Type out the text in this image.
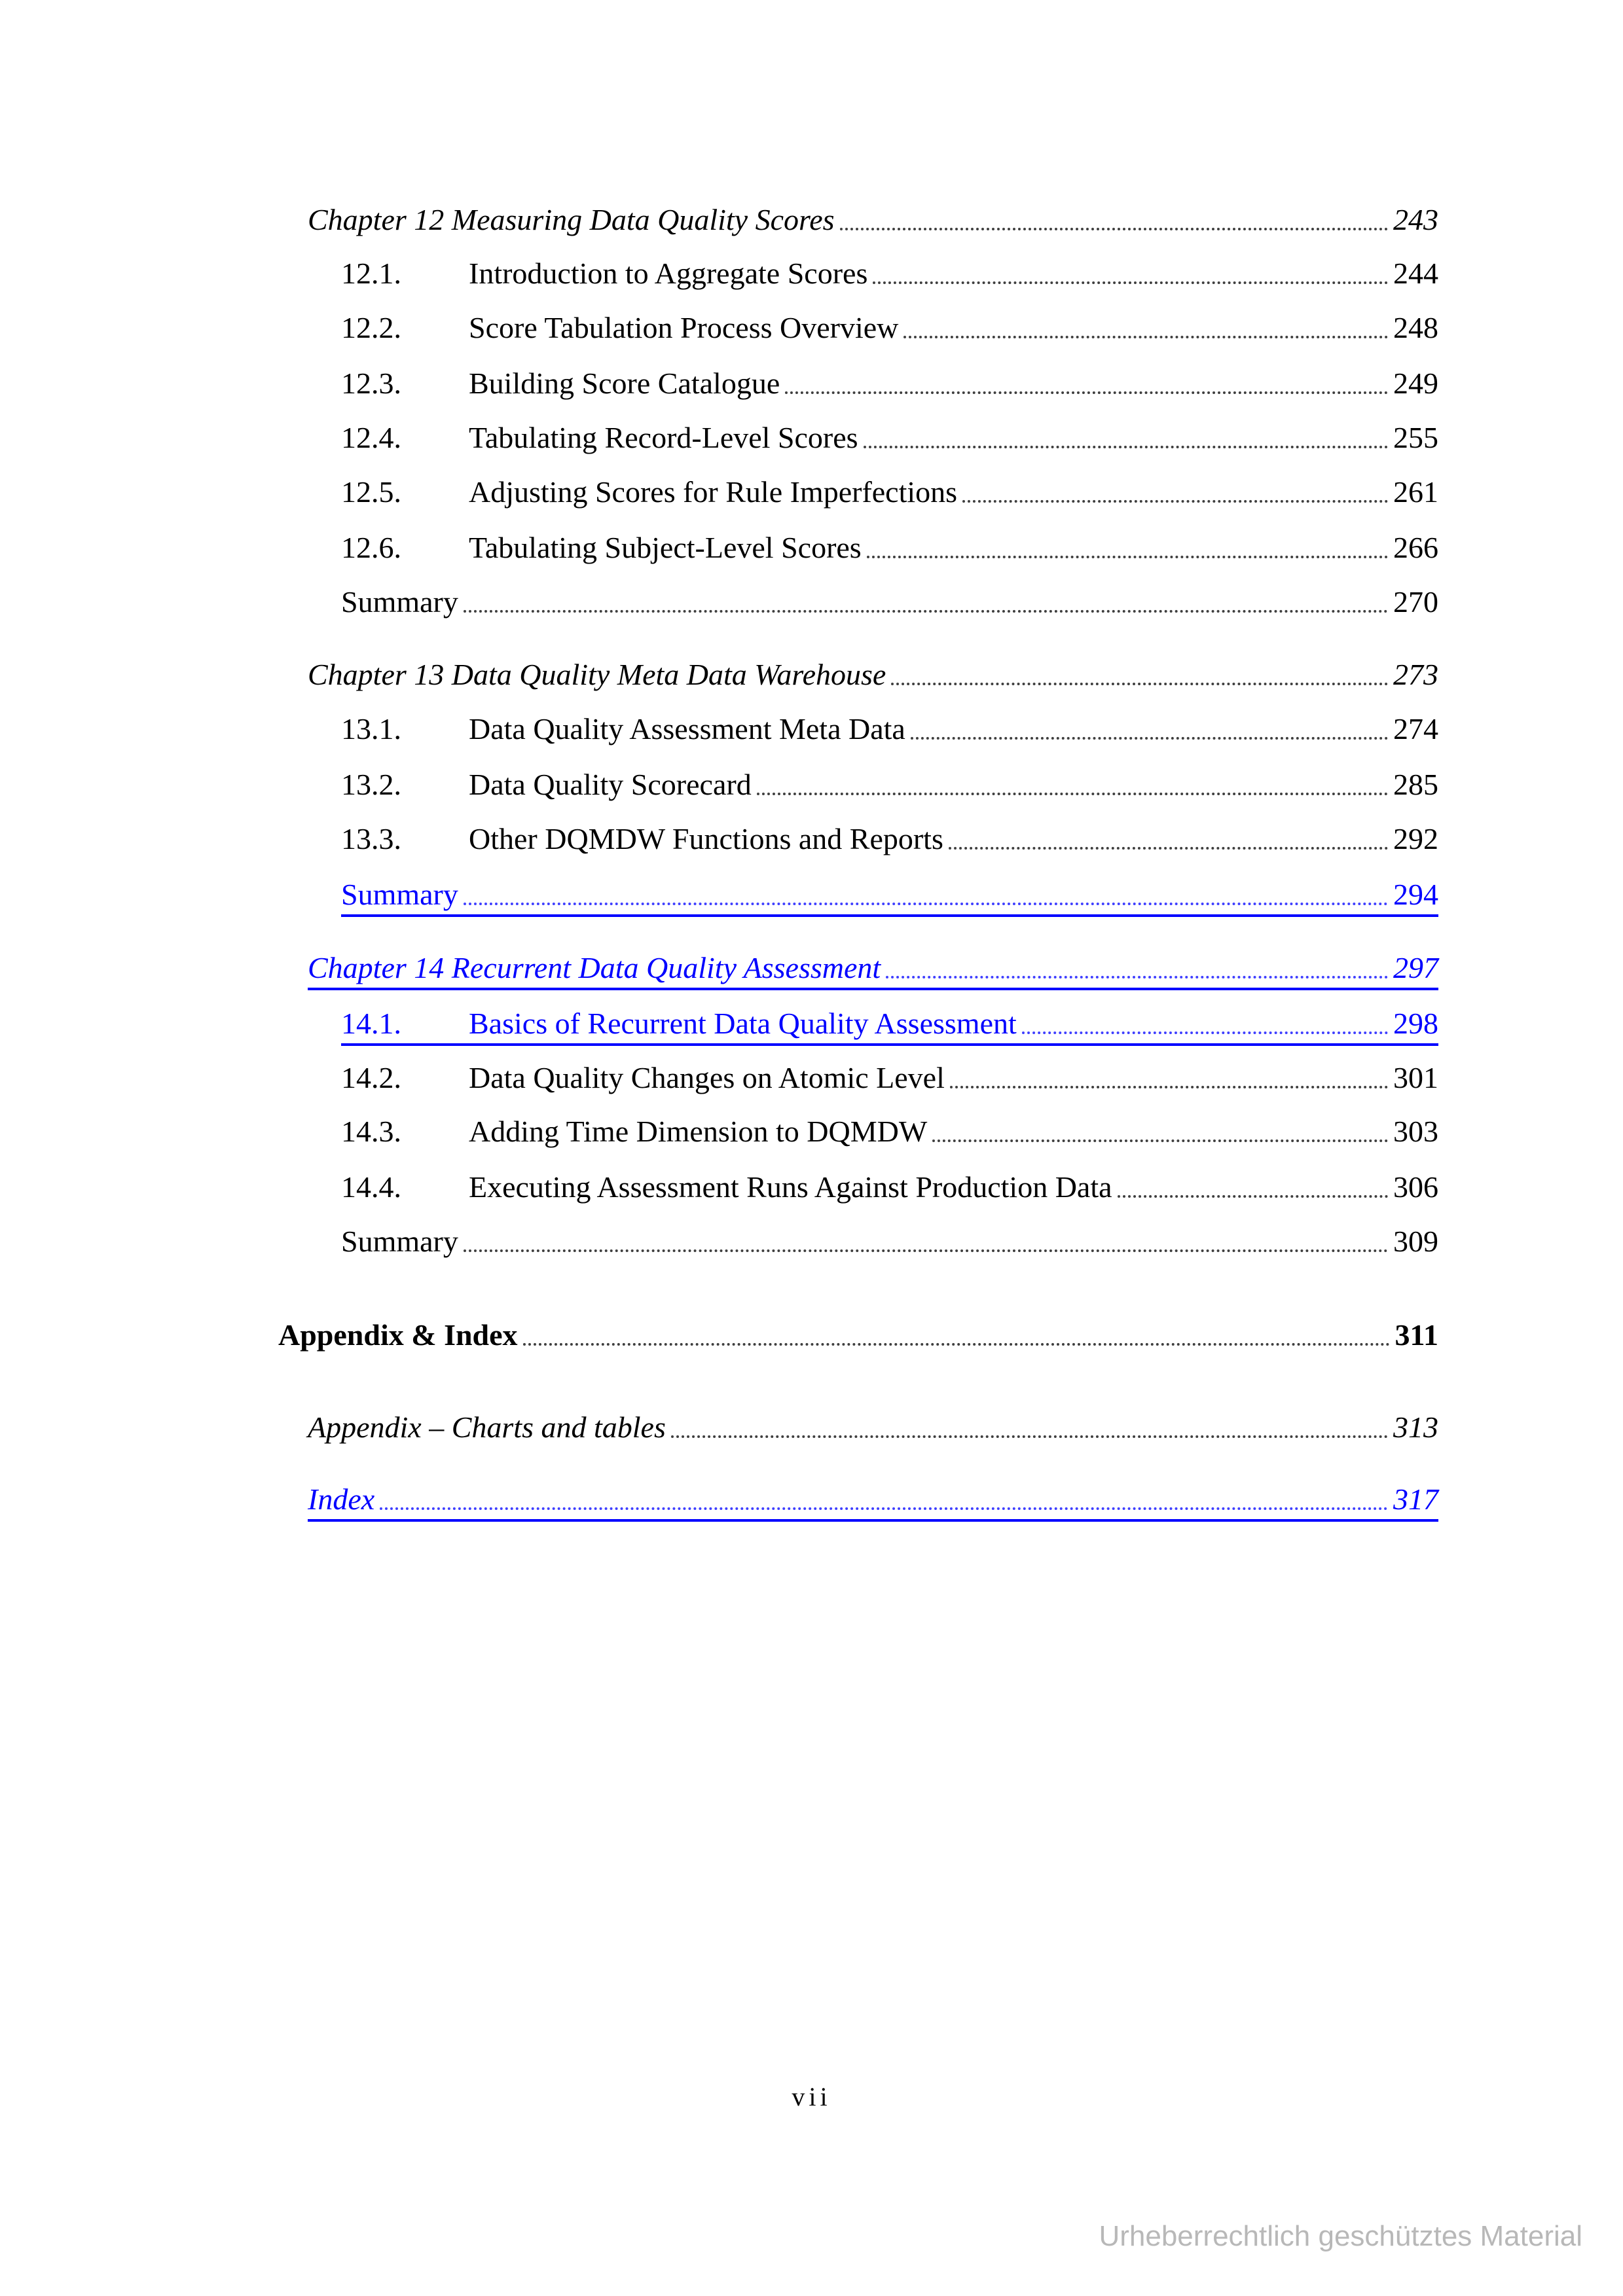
Chapter 12 Measuring Data Quality Scores	243
12.1.	Introduction to Aggregate Scores	244
12.2.	Score Tabulation Process Overview	248
12.3.	Building Score Catalogue	249
12.4.	Tabulating Record-Level Scores	255
12.5.	Adjusting Scores for Rule Imperfections	261
12.6.	Tabulating Subject-Level Scores	266
Summary	270
Chapter 13 Data Quality Meta Data Warehouse	273
13.1.	Data Quality Assessment Meta Data	274
13.2.	Data Quality Scorecard	285
13.3.	Other DQMDW Functions and Reports	292
Summary	294
Chapter 14 Recurrent Data Quality Assessment	297
14.1.	Basics of Recurrent Data Quality Assessment	298
14.2.	Data Quality Changes on Atomic Level	301
14.3.	Adding Time Dimension to DQMDW	303
14.4.	Executing Assessment Runs Against Production Data	306
Summary	309
Appendix & Index	311
Appendix – Charts and tables	313
Index	317
vii
Urheberrechtlich geschütztes Material
